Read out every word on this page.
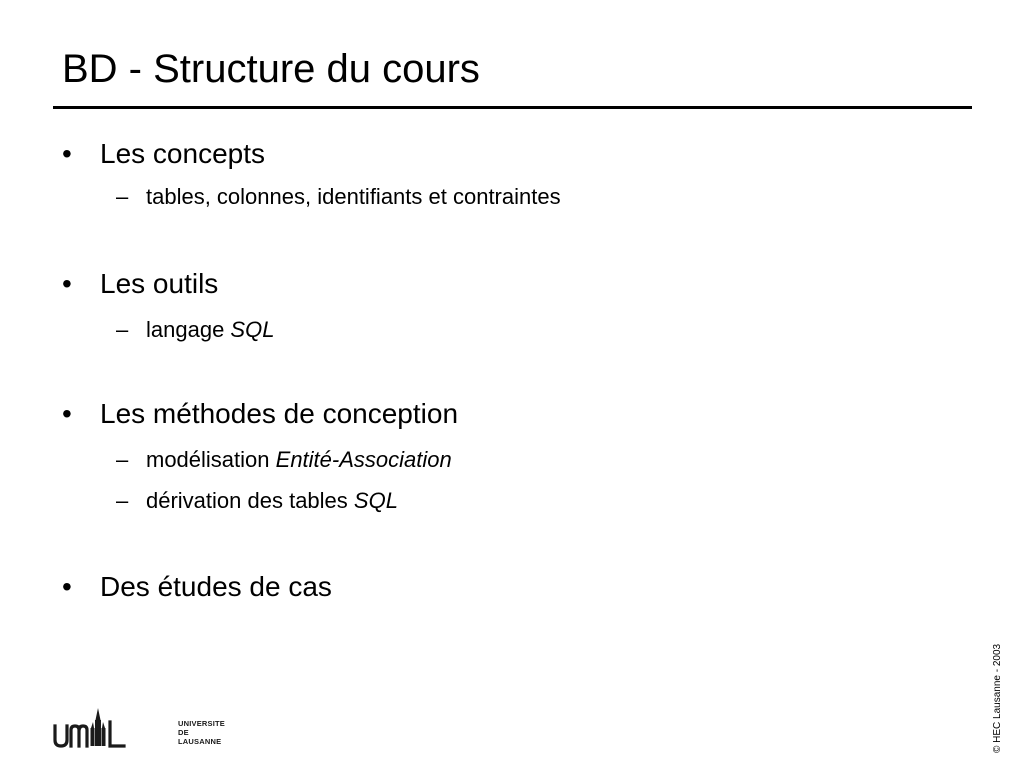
BD - Structure du cours
• Les concepts
– tables, colonnes, identifiants et contraintes
• Les outils
– langage SQL
• Les méthodes de conception
– modélisation Entité-Association
– dérivation des tables SQL
• Des études de cas
© HEC Lausanne - 2003
UNIVERSITE
DE
LAUSANNE
